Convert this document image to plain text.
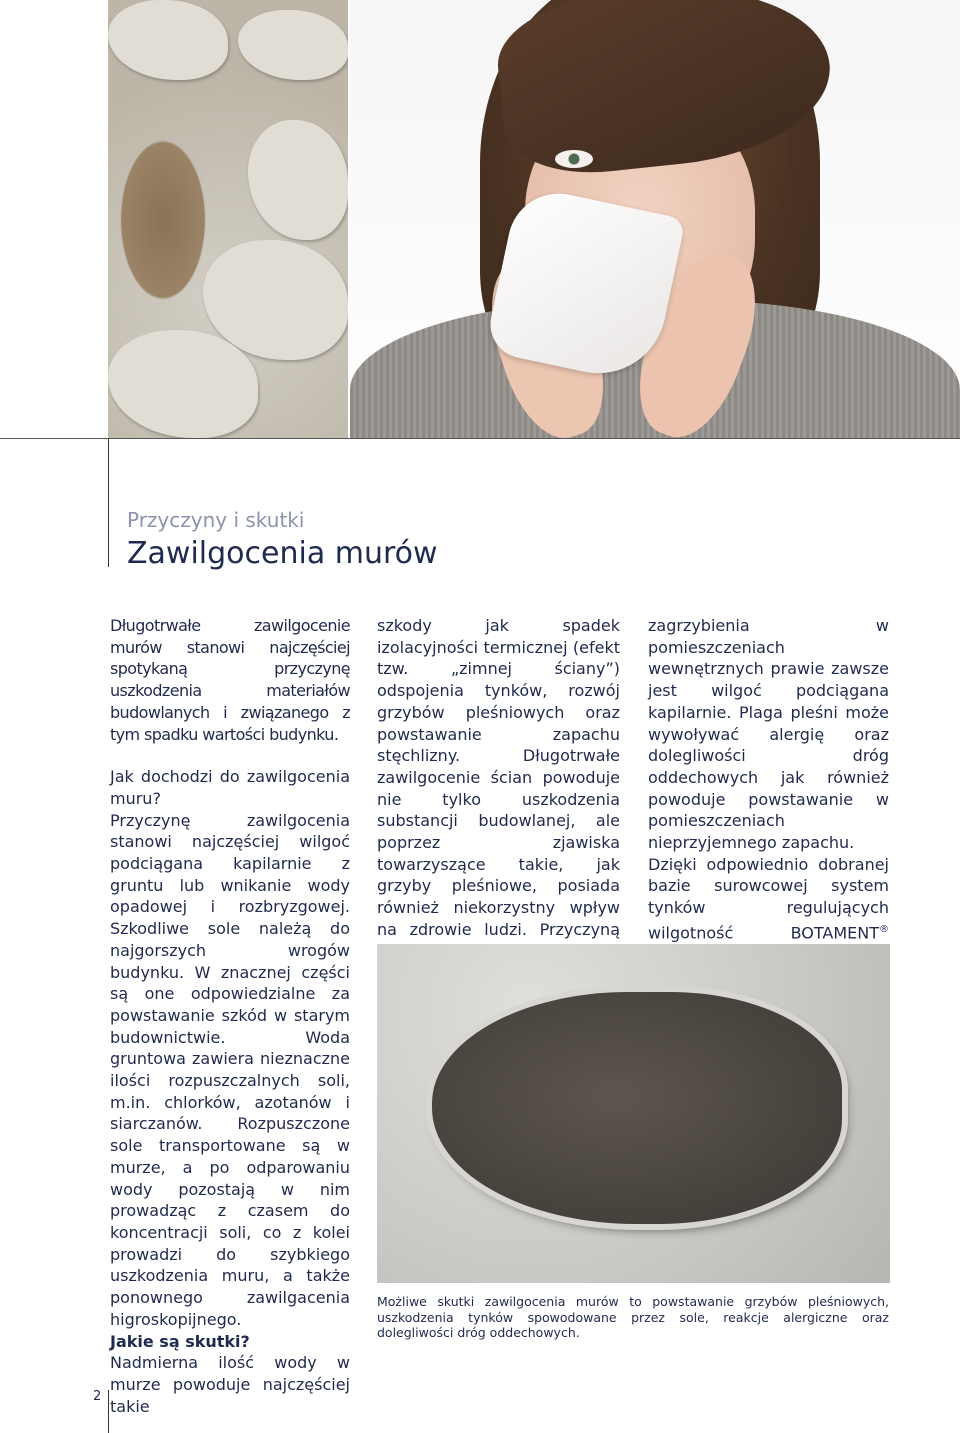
Przyczyny i skutki
Zawilgocenia murów

Długotrwałe zawilgocenie murów stanowi najczęściej spotykaną przyczynę uszkodzenia materiałów budowlanych i związanego z tym spadku wartości budynku.

Jak dochodzi do zawilgocenia muru?

Przyczynę zawilgocenia stanowi najczęściej wilgoć podciągana kapilarnie z gruntu lub wnikanie wody opadowej i rozbryzgowej. Szkodliwe sole należą do najgorszych wrogów budynku. W znacznej części są one odpowiedzialne za powstawanie szkód w starym budownictwie. Woda gruntowa zawiera nieznaczne ilości rozpuszczalnych soli, m.in. chlorków, azotanów i siarczanów. Rozpuszczone sole transportowane są w murze, a po odparowaniu wody pozostają w nim prowadząc z czasem do koncentracji soli, co z kolei prowadzi do szybkiego uszkodzenia muru, a także ponownego zawilgacenia higroskopijnego.

Jakie są skutki?

Nadmierna ilość wody w murze powoduje najczęściej takie

szkody jak spadek izolacyjności termicznej (efekt tzw. „zimnej ściany”) odspojenia tynków, rozwój grzybów pleśniowych oraz powstawanie zapachu stęchlizny. Długotrwałe zawilgocenie ścian powoduje nie tylko uszkodzenia substancji budowlanej, ale poprzez zjawiska towarzyszące takie, jak grzyby pleśniowe, posiada również niekorzystny wpływ na zdrowie ludzi. Przyczyną

zagrzybienia w pomieszczeniach wewnętrznych prawie zawsze jest wilgoć podciągana kapilarnie. Plaga pleśni może wywoływać alergię oraz dolegliwości dróg oddechowych jak również powoduje powstawanie w pomieszczeniach nieprzyjemnego zapachu.

Dzięki odpowiednio dobranej bazie surowcowej system tynków regulujących wilgotność BOTAMENT®

Możliwe skutki zawilgocenia murów to powstawanie grzybów pleśniowych, uszkodzenia tynków spowodowane przez sole, reakcje alergiczne oraz dolegliwości dróg oddechowych.
2
